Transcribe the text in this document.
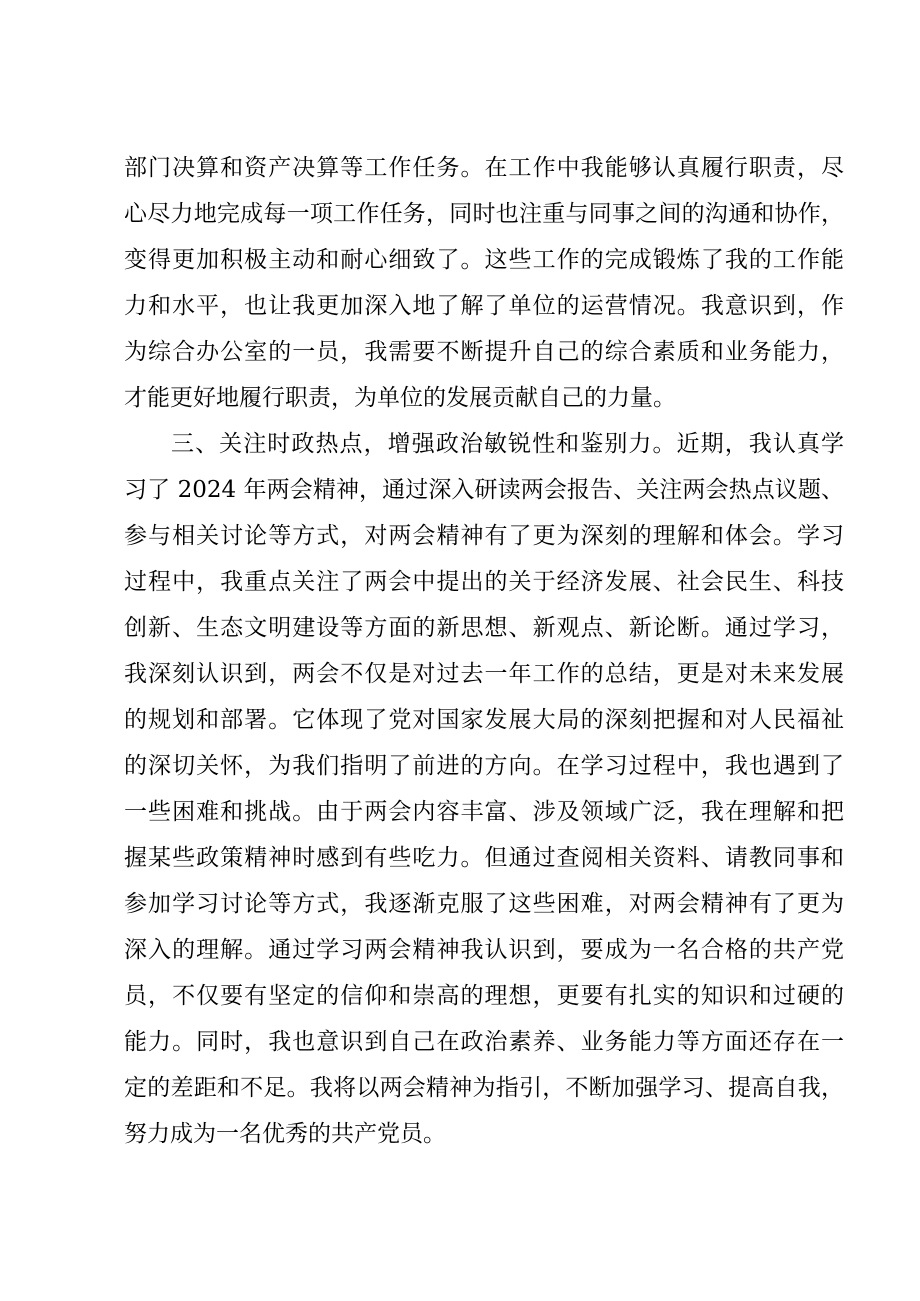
部门决算和资产决算等工作任务。在工作中我能够认真履行职责，尽
心尽力地完成每一项工作任务，同时也注重与同事之间的沟通和协作，
变得更加积极主动和耐心细致了。这些工作的完成锻炼了我的工作能
力和水平，也让我更加深入地了解了单位的运营情况。我意识到，作
为综合办公室的一员，我需要不断提升自己的综合素质和业务能力，
才能更好地履行职责，为单位的发展贡献自己的力量。
三、关注时政热点，增强政治敏锐性和鉴别力。近期，我认真学
习了 2024 年两会精神，通过深入研读两会报告、关注两会热点议题、
参与相关讨论等方式，对两会精神有了更为深刻的理解和体会。学习
过程中，我重点关注了两会中提出的关于经济发展、社会民生、科技
创新、生态文明建设等方面的新思想、新观点、新论断。通过学习，
我深刻认识到，两会不仅是对过去一年工作的总结，更是对未来发展
的规划和部署。它体现了党对国家发展大局的深刻把握和对人民福祉
的深切关怀，为我们指明了前进的方向。在学习过程中，我也遇到了
一些困难和挑战。由于两会内容丰富、涉及领域广泛，我在理解和把
握某些政策精神时感到有些吃力。但通过查阅相关资料、请教同事和
参加学习讨论等方式，我逐渐克服了这些困难，对两会精神有了更为
深入的理解。通过学习两会精神我认识到，要成为一名合格的共产党
员，不仅要有坚定的信仰和崇高的理想，更要有扎实的知识和过硬的
能力。同时，我也意识到自己在政治素养、业务能力等方面还存在一
定的差距和不足。我将以两会精神为指引，不断加强学习、提高自我，
努力成为一名优秀的共产党员。
